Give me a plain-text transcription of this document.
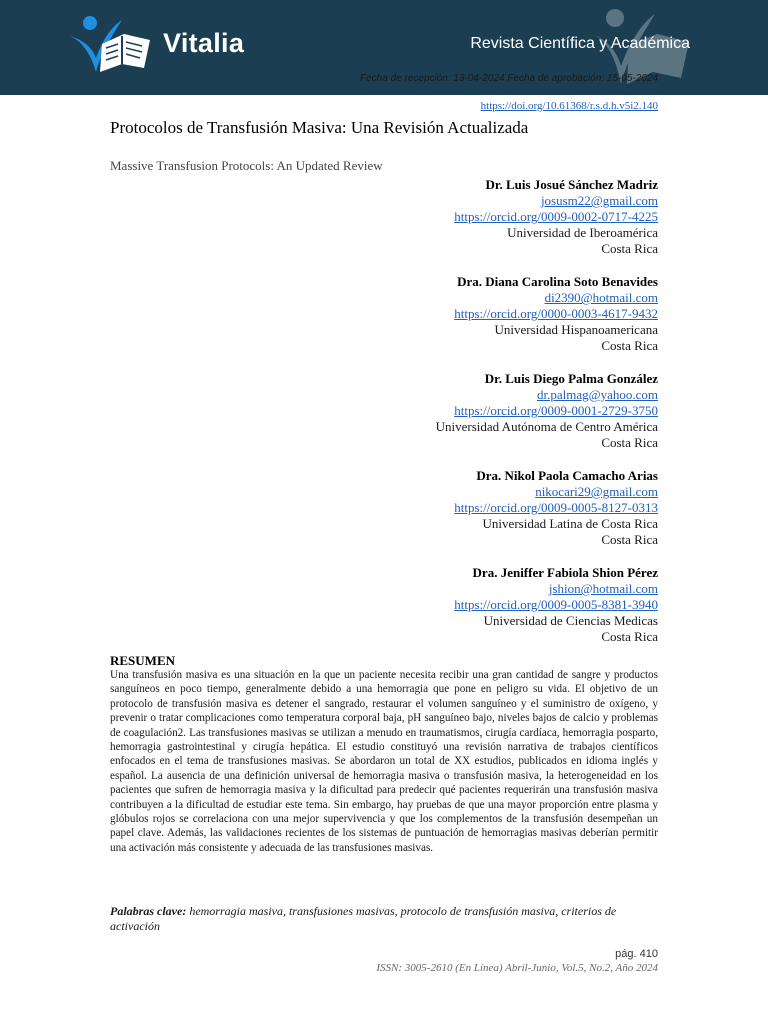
Vitalia	Revista Científica y Académica
Fecha de recepción: 13-04-2024 Fecha de aprobación: 15-05-2024
https://doi.org/10.61368/r.s.d.h.v5i2.140
Protocolos de Transfusión Masiva: Una Revisión Actualizada

Massive Transfusion Protocols: An Updated Review

Dr. Luis Josué Sánchez Madriz
josusm22@gmail.com
https://orcid.org/0009-0002-0717-4225
Universidad de Iberoamérica
Costa Rica
Dra. Diana Carolina Soto Benavides
di2390@hotmail.com
https://orcid.org/0000-0003-4617-9432
Universidad Hispanoamericana
Costa Rica
Dr. Luis Diego Palma González
dr.palmag@yahoo.com
https://orcid.org/0009-0001-2729-3750
Universidad Autónoma de Centro América
Costa Rica
Dra. Nikol Paola Camacho Arias
nikocari29@gmail.com
https://orcid.org/0009-0005-8127-0313
Universidad Latina de Costa Rica
Costa Rica
Dra. Jeniffer Fabiola Shion Pérez
jshion@hotmail.com
https://orcid.org/0009-0005-8381-3940
Universidad de Ciencias Medicas
Costa Rica
RESUMEN

Una transfusión masiva es una situación en la que un paciente necesita recibir una gran cantidad de sangre y productos sanguíneos en poco tiempo, generalmente debido a una hemorragia que pone en peligro su vida. El objetivo de un protocolo de transfusión masiva es detener el sangrado, restaurar el volumen sanguíneo y el suministro de oxígeno, y prevenir o tratar complicaciones como temperatura corporal baja, pH sanguíneo bajo, niveles bajos de calcio y problemas de coagulación2. Las transfusiones masivas se utilizan a menudo en traumatismos, cirugía cardíaca, hemorragia posparto, hemorragia gastrointestinal y cirugía hepática. El estudio constituyó una revisión narrativa de trabajos científicos enfocados en el tema de transfusiones masivas. Se abordaron un total de XX estudios, publicados en idioma inglés y español. La ausencia de una definición universal de hemorragia masiva o transfusión masiva, la heterogeneidad en los pacientes que sufren de hemorragia masiva y la dificultad para predecir qué pacientes requerirán una transfusión masiva contribuyen a la dificultad de estudiar este tema. Sin embargo, hay pruebas de que una mayor proporción entre plasma y glóbulos rojos se correlaciona con una mejor supervivencia y que los complementos de la transfusión desempeñan un papel clave. Además, las validaciones recientes de los sistemas de puntuación de hemorragias masivas deberían permitir una activación más consistente y adecuada de las transfusiones masivas.

Palabras clave: hemorragia masiva, transfusiones masivas, protocolo de transfusión masiva, criterios de activación

pág. 410
ISSN: 3005-2610 (En Línea) Abril-Junio, Vol.5, No.2, Año 2024
